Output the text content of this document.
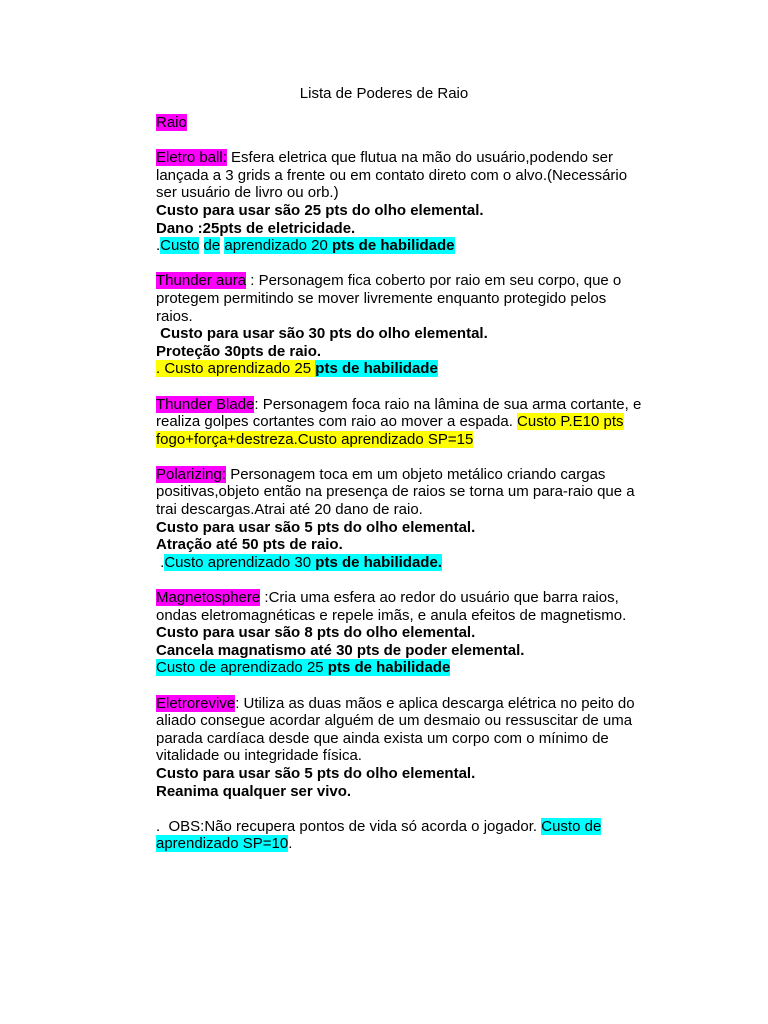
Lista de Poderes de Raio
Raio
Eletro ball: Esfera eletrica que flutua na mão do usuário,podendo ser
lançada a 3 grids a frente ou em contato direto com o alvo.(Necessário
ser usuário de livro ou orb.)
Custo para usar são 25 pts do olho elemental.
Dano :25pts de eletricidade.
.Custo de aprendizado 20 pts de habilidade
Thunder aura : Personagem fica coberto por raio em seu corpo, que o
protegem permitindo se mover livremente enquanto protegido pelos
raios.
Custo para usar são 30 pts do olho elemental.
Proteção 30pts de raio.
. Custo aprendizado 25 pts de habilidade
Thunder Blade: Personagem foca raio na lâmina de sua arma cortante, e
realiza golpes cortantes com raio ao mover a espada. Custo P.E10 pts
fogo+força+destreza.Custo aprendizado SP=15
Polarizing: Personagem toca em um objeto metálico criando cargas
positivas,objeto então na presença de raios se torna um para-raio que a
trai descargas.Atrai até 20 dano de raio.
Custo para usar são 5 pts do olho elemental.
Atração até 50 pts de raio.
.Custo aprendizado 30 pts de habilidade.
Magnetosphere :Cria uma esfera ao redor do usuário que barra raios,
ondas eletromagnéticas e repele imãs, e anula efeitos de magnetismo.
Custo para usar são 8 pts do olho elemental.
Cancela magnatismo até 30 pts de poder elemental.
Custo de aprendizado 25 pts de habilidade
Eletrorevive: Utiliza as duas mãos e aplica descarga elétrica no peito do
aliado consegue acordar alguém de um desmaio ou ressuscitar de uma
parada cardíaca desde que ainda exista um corpo com o mínimo de
vitalidade ou integridade física.
Custo para usar são 5 pts do olho elemental.
Reanima qualquer ser vivo.
.  OBS:Não recupera pontos de vida só acorda o jogador. Custo de
aprendizado SP=10.
